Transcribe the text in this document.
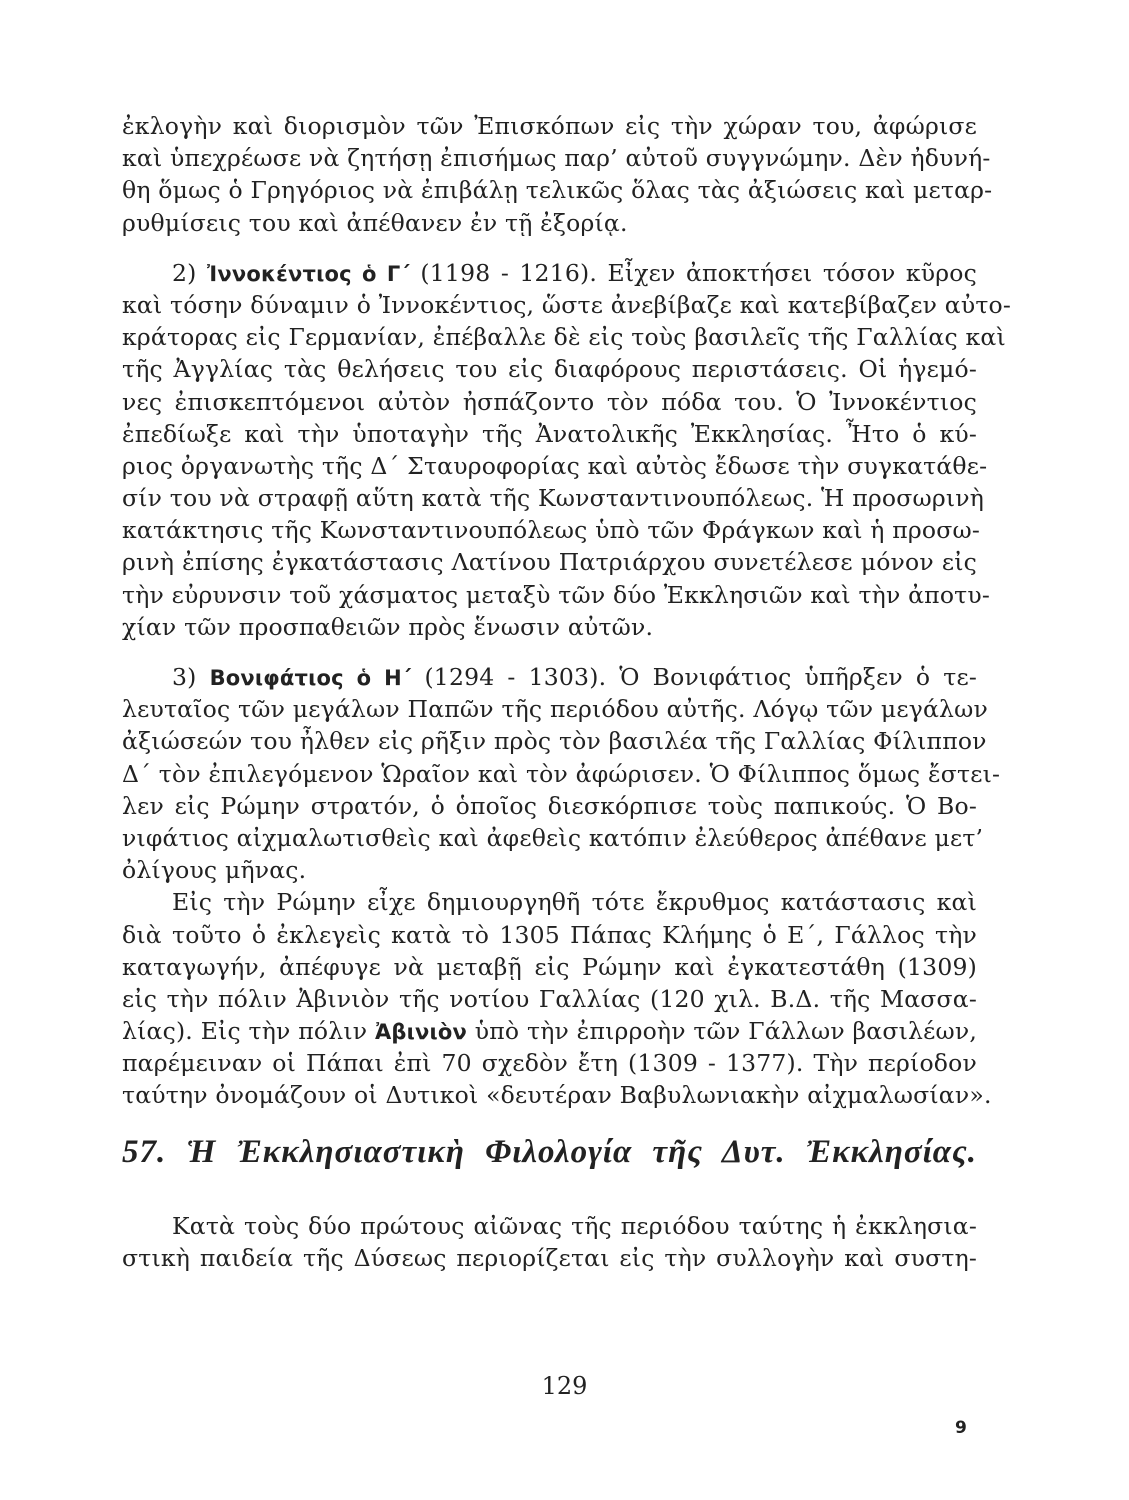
ἐκλογὴν καὶ διορισμὸν τῶν Ἐπισκόπων εἰς τὴν χώραν του, ἀφώρισε
καὶ ὑπεχρέωσε νὰ ζητήσῃ ἐπισήμως παρ’ αὐτοῦ συγγνώμην. Δὲν ἠδυνή-
θη ὅμως ὁ Γρηγόριος νὰ ἐπιβάλῃ τελικῶς ὅλας τὰς ἀξιώσεις καὶ μεταρ-
ρυθμίσεις του καὶ ἀπέθανεν ἐν τῇ ἐξορίᾳ.
2) Ἰννοκέντιος ὁ Γ΄ (1198 - 1216). Εἶχεν ἀποκτήσει τόσον κῦρος
καὶ τόσην δύναμιν ὁ Ἰννοκέντιος, ὥστε ἀνεβίβαζε καὶ κατεβίβαζεν αὐτο-
κράτορας εἰς Γερμανίαν, ἐπέβαλλε δὲ εἰς τοὺς βασιλεῖς τῆς Γαλλίας καὶ
τῆς Ἀγγλίας τὰς θελήσεις του εἰς διαφόρους περιστάσεις. Οἱ ἡγεμό-
νες ἐπισκεπτόμενοι αὐτὸν ἠσπάζοντο τὸν πόδα του. Ὁ Ἰννοκέντιος
ἐπεδίωξε καὶ τὴν ὑποταγὴν τῆς Ἀνατολικῆς Ἐκκλησίας. Ἦτο ὁ κύ-
ριος ὀργανωτὴς τῆς Δ΄ Σταυροφορίας καὶ αὐτὸς ἔδωσε τὴν συγκατάθε-
σίν του νὰ στραφῇ αὕτη κατὰ τῆς Κωνσταντινουπόλεως. Ἡ προσωρινὴ
κατάκτησις τῆς Κωνσταντινουπόλεως ὑπὸ τῶν Φράγκων καὶ ἡ προσω-
ρινὴ ἐπίσης ἐγκατάστασις Λατίνου Πατριάρχου συνετέλεσε μόνον εἰς
τὴν εὐρυνσιν τοῦ χάσματος μεταξὺ τῶν δύο Ἐκκλησιῶν καὶ τὴν ἀποτυ-
χίαν τῶν προσπαθειῶν πρὸς ἕνωσιν αὐτῶν.
3) Βονιφάτιος ὁ Η΄ (1294 - 1303). Ὁ Βονιφάτιος ὑπῆρξεν ὁ τε-
λευταῖος τῶν μεγάλων Παπῶν τῆς περιόδου αὐτῆς. Λόγῳ τῶν μεγάλων
ἀξιώσεών του ἦλθεν εἰς ρῆξιν πρὸς τὸν βασιλέα τῆς Γαλλίας Φίλιππον
Δ΄ τὸν ἐπιλεγόμενον Ὡραῖον καὶ τὸν ἀφώρισεν. Ὁ Φίλιππος ὅμως ἔστει-
λεν εἰς Ρώμην στρατόν, ὁ ὁποῖος διεσκόρπισε τοὺς παπικούς. Ὁ Βο-
νιφάτιος αἰχμαλωτισθεὶς καὶ ἀφεθεὶς κατόπιν ἐλεύθερος ἀπέθανε μετ’
ὀλίγους μῆνας.
Εἰς τὴν Ρώμην εἶχε δημιουργηθῆ τότε ἔκρυθμος κατάστασις καὶ
διὰ τοῦτο ὁ ἐκλεγεὶς κατὰ τὸ 1305 Πάπας Κλήμης ὁ Ε΄, Γάλλος τὴν
καταγωγήν, ἀπέφυγε νὰ μεταβῇ εἰς Ρώμην καὶ ἐγκατεστάθη (1309)
εἰς τὴν πόλιν Ἀβινιὸν τῆς νοτίου Γαλλίας (120 χιλ. Β.Δ. τῆς Μασσα-
λίας). Εἰς τὴν πόλιν Ἀβινιὸν ὑπὸ τὴν ἐπιρροὴν τῶν Γάλλων βασιλέων,
παρέμειναν οἱ Πάπαι ἐπὶ 70 σχεδὸν ἔτη (1309 - 1377). Τὴν περίοδον
ταύτην ὀνομάζουν οἱ Δυτικοὶ «δευτέραν Βαβυλωνιακὴν αἰχμαλωσίαν».
57. Ἡ Ἐκκλησιαστικὴ Φιλολογία τῆς Δυτ. Ἐκκλησίας.
Κατὰ τοὺς δύο πρώτους αἰῶνας τῆς περιόδου ταύτης ἡ ἐκκλησια-
στικὴ παιδεία τῆς Δύσεως περιορίζεται εἰς τὴν συλλογὴν καὶ συστη-
129
9
